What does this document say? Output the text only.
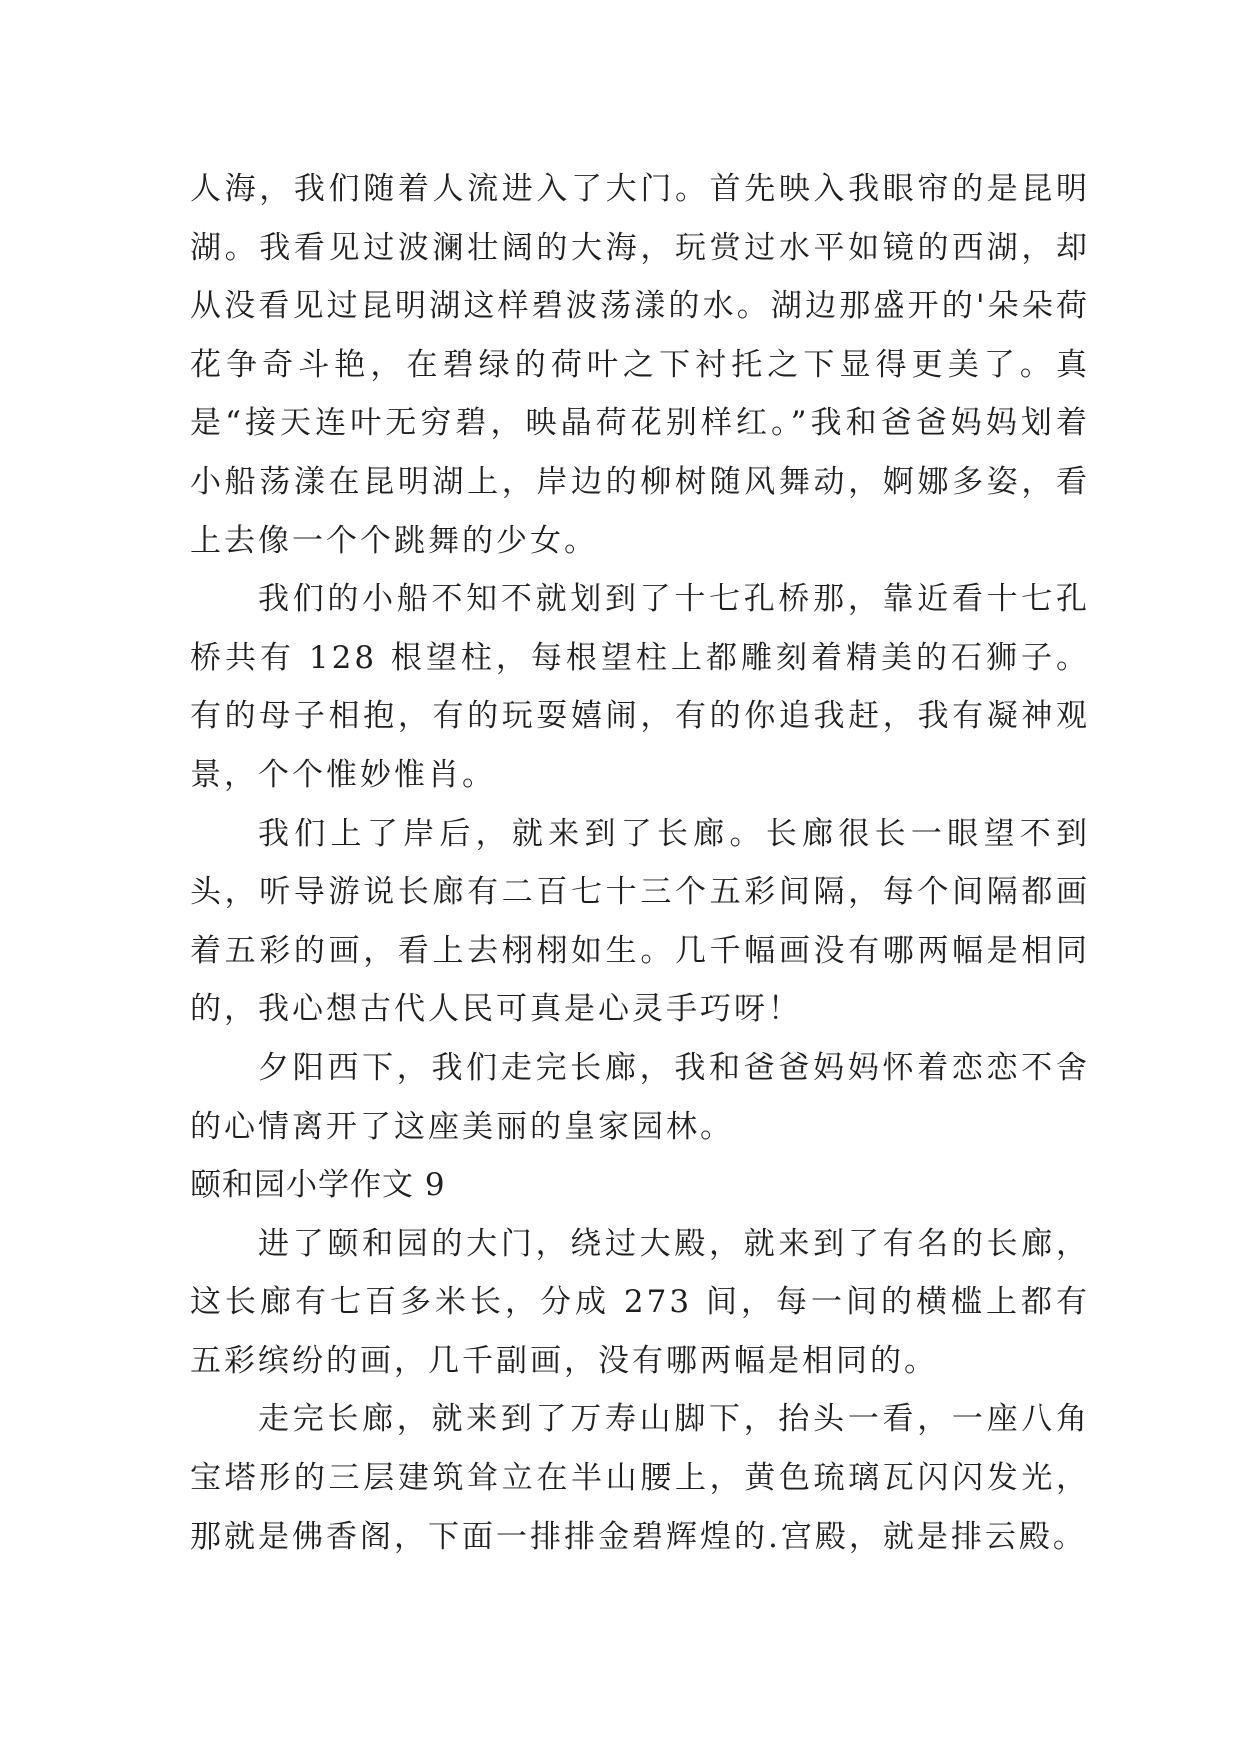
人海，我们随着人流进入了大门。首先映入我眼帘的是昆明湖。我看见过波澜壮阔的大海，玩赏过水平如镜的西湖，却从没看见过昆明湖这样碧波荡漾的水。湖边那盛开的'朵朵荷花争奇斗艳，在碧绿的荷叶之下衬托之下显得更美了。真是“接天连叶无穷碧，映晶荷花别样红。”我和爸爸妈妈划着小船荡漾在昆明湖上，岸边的柳树随风舞动，婀娜多姿，看上去像一个个跳舞的少女。

我们的小船不知不就划到了十七孔桥那，靠近看十七孔桥共有 128 根望柱，每根望柱上都雕刻着精美的石狮子。有的母子相抱，有的玩耍嬉闹，有的你追我赶，我有凝神观景，个个惟妙惟肖。

我们上了岸后，就来到了长廊。长廊很长一眼望不到头，听导游说长廊有二百七十三个五彩间隔，每个间隔都画着五彩的画，看上去栩栩如生。几千幅画没有哪两幅是相同的，我心想古代人民可真是心灵手巧呀！

夕阳西下，我们走完长廊，我和爸爸妈妈怀着恋恋不舍的心情离开了这座美丽的皇家园林。

颐和园小学作文 9

进了颐和园的大门，绕过大殿，就来到了有名的长廊，这长廊有七百多米长，分成 273 间，每一间的横槛上都有五彩缤纷的画，几千副画，没有哪两幅是相同的。

走完长廊，就来到了万寿山脚下，抬头一看，一座八角宝塔形的三层建筑耸立在半山腰上，黄色琉璃瓦闪闪发光，那就是佛香阁，下面一排排金碧辉煌的.宫殿，就是排云殿。
